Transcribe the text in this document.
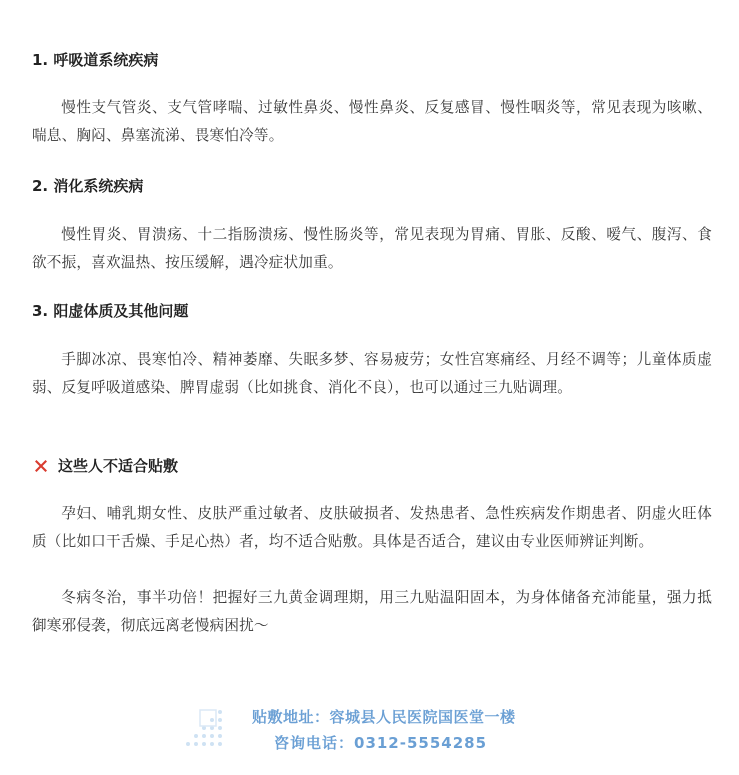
1. 呼吸道系统疾病

慢性支气管炎、支气管哮喘、过敏性鼻炎、慢性鼻炎、反复感冒、慢性咽炎等，常见表现为咳嗽、喘息、胸闷、鼻塞流涕、畏寒怕冷等。

2. 消化系统疾病

慢性胃炎、胃溃疡、十二指肠溃疡、慢性肠炎等，常见表现为胃痛、胃胀、反酸、嗳气、腹泻、食欲不振，喜欢温热、按压缓解，遇冷症状加重。

3. 阳虚体质及其他问题

手脚冰凉、畏寒怕冷、精神萎靡、失眠多梦、容易疲劳；女性宫寒痛经、月经不调等；儿童体质虚弱、反复呼吸道感染、脾胃虚弱（比如挑食、消化不良），也可以通过三九贴调理。

这些人不适合贴敷

孕妇、哺乳期女性、皮肤严重过敏者、皮肤破损者、发热患者、急性疾病发作期患者、阴虚火旺体质（比如口干舌燥、手足心热）者，均不适合贴敷。具体是否适合，建议由专业医师辨证判断。

冬病冬治，事半功倍！把握好三九黄金调理期，用三九贴温阳固本，为身体储备充沛能量，强力抵御寒邪侵袭，彻底远离老慢病困扰～

贴敷地址：容城县人民医院国医堂一楼
咨询电话：0312-5554285
